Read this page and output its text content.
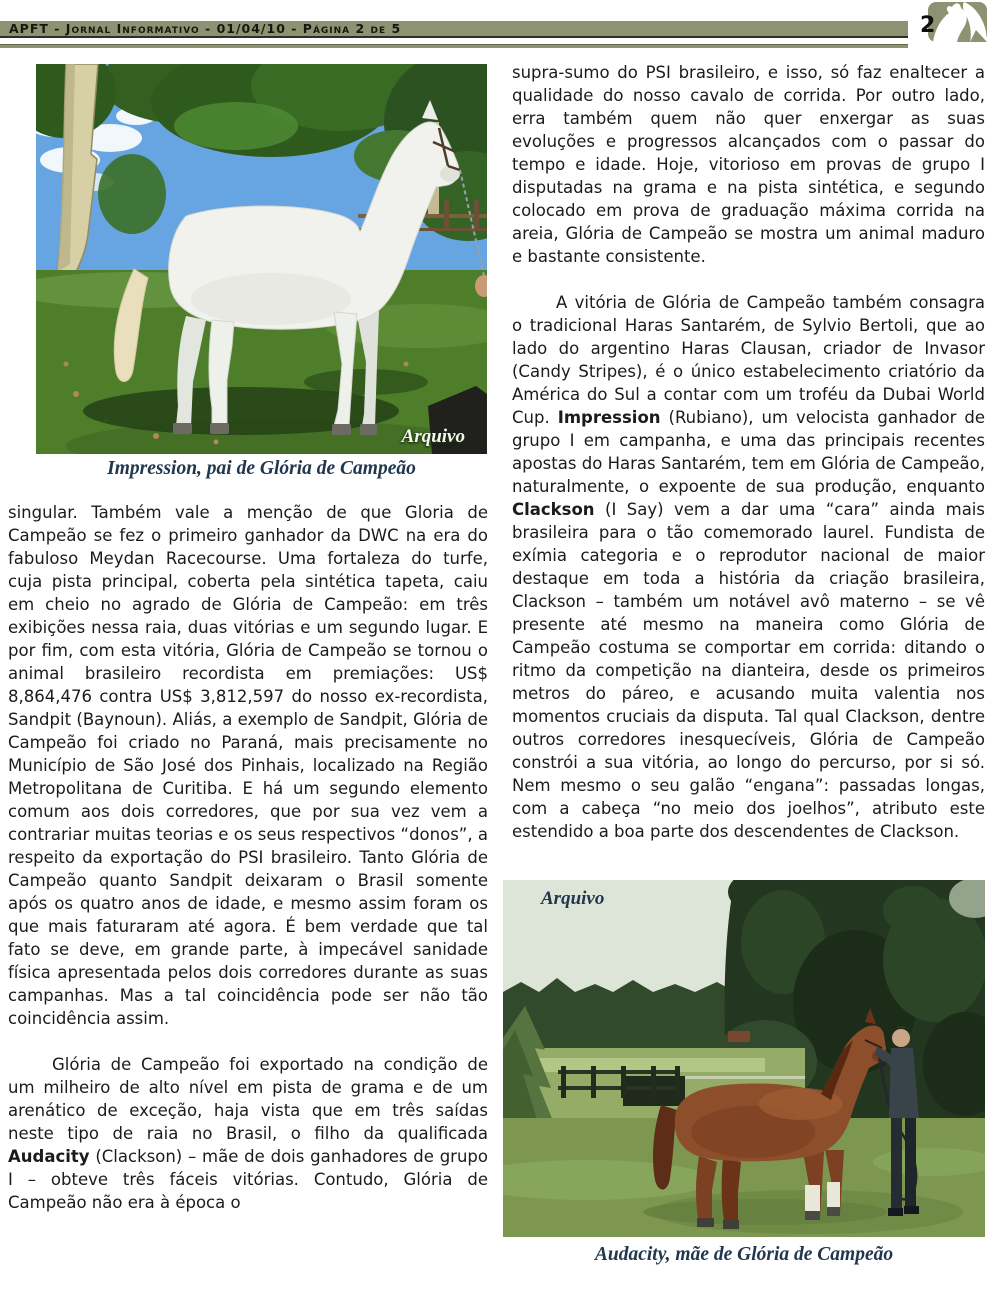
APFT - Jornal Informativo - 01/04/10 - Página 2 de 5	2
Arquivo
Impression, pai de Glória de Campeão

singular. Também vale a menção de que Gloria de Campeão se fez o primeiro ganhador da DWC na era do fabuloso Meydan Racecourse. Uma fortaleza do turfe, cuja pista principal, coberta pela sintética tapeta, caiu em cheio no agrado de Glória de Campeão: em três exibições nessa raia, duas vitórias e um segundo lugar. E por fim, com esta vitória, Glória de Campeão se tornou o animal brasileiro recordista em premiações: US$ 8,864,476 contra US$ 3,812,597 do nosso ex-recordista, Sandpit (Baynoun). Aliás, a exemplo de Sandpit, Glória de Campeão foi criado no Paraná, mais precisamente no Município de São José dos Pinhais, localizado na Região Metropolitana de Curitiba. E há um segundo elemento comum aos dois corredores, que por sua vez vem a contrariar muitas teorias e os seus respectivos “donos”, a respeito da exportação do PSI brasileiro. Tanto Glória de Campeão quanto Sandpit deixaram o Brasil somente após os quatro anos de idade, e mesmo assim foram os que mais faturaram até agora. É bem verdade que tal fato se deve, em grande parte, à impecável sanidade física apresentada pelos dois corredores durante as suas campanhas. Mas a tal coincidência pode ser não tão coincidência assim.

Glória de Campeão foi exportado na condição de um milheiro de alto nível em pista de grama e de um arenático de exceção, haja vista que em três saídas neste tipo de raia no Brasil, o filho da qualificada Audacity (Clackson) – mãe de dois ganhadores de grupo I – obteve três fáceis vitórias. Contudo, Glória de Campeão não era à época o

supra-sumo do PSI brasileiro, e isso, só faz enaltecer a qualidade do nosso cavalo de corrida. Por outro lado, erra também quem não quer enxergar as suas evoluções e progressos alcançados com o passar do tempo e idade. Hoje, vitorioso em provas de grupo I disputadas na grama e na pista sintética, e segundo colocado em prova de graduação máxima corrida na areia, Glória de Campeão se mostra um animal maduro e bastante consistente.

A vitória de Glória de Campeão também consagra o tradicional Haras Santarém, de Sylvio Bertoli, que ao lado do argentino Haras Clausan, criador de Invasor (Candy Stripes), é o único estabelecimento criatório da América do Sul a contar com um troféu da Dubai World Cup. Impression (Rubiano), um velocista ganhador de grupo I em campanha, e uma das principais recentes apostas do Haras Santarém, tem em Glória de Campeão, naturalmente, o expoente de sua produção, enquanto Clackson (I Say) vem a dar uma “cara” ainda mais brasileira para o tão comemorado laurel. Fundista de exímia categoria e o reprodutor nacional de maior destaque em toda a história da criação brasileira, Clackson – também um notável avô materno – se vê presente até mesmo na maneira como Glória de Campeão costuma se comportar em corrida: ditando o ritmo da competição na dianteira, desde os primeiros metros do páreo, e acusando muita valentia nos momentos cruciais da disputa. Tal qual Clackson, dentre outros corredores inesquecíveis, Glória de Campeão constrói a sua vitória, ao longo do percurso, por si só. Nem mesmo o seu galão “engana”: passadas longas, com a cabeça “no meio dos joelhos”, atributo este estendido a boa parte dos descendentes de Clackson.

Arquivo
Audacity, mãe de Glória de Campeão
